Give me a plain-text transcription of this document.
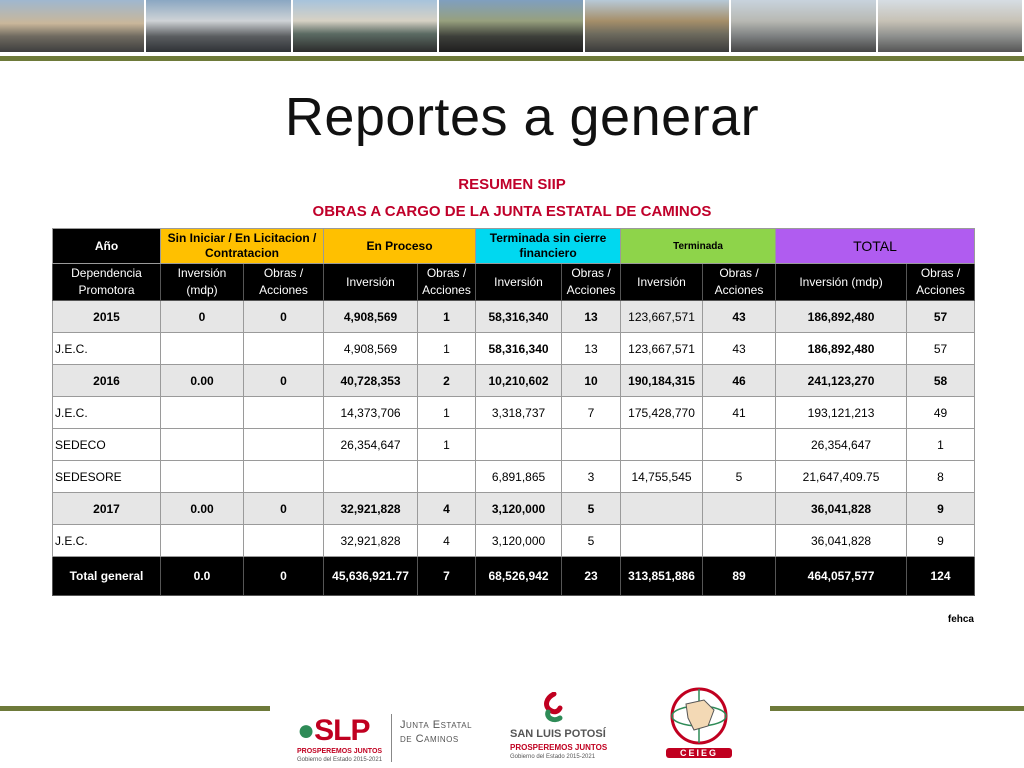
Reportes a generar
RESUMEN SIIP
OBRAS A CARGO DE LA JUNTA ESTATAL DE CAMINOS
Año	Sin Iniciar / En Licitacion / Contratacion		En Proceso		Terminada sin cierre financiero		Terminada		TOTAL	
Dependencia Promotora	Inversión (mdp)	Obras / Acciones	Inversión	Obras / Acciones	Inversión	Obras / Acciones	Inversión	Obras / Acciones	Inversión (mdp)	Obras / Acciones
2015	0	0	4,908,569	1	58,316,340	13	123,667,571	43	186,892,480	57
J.E.C.			4,908,569	1	58,316,340	13	123,667,571	43	186,892,480	57
2016	0.00	0	40,728,353	2	10,210,602	10	190,184,315	46	241,123,270	58
J.E.C.			14,373,706	1	3,318,737	7	175,428,770	41	193,121,213	49
SEDECO			26,354,647	1					26,354,647	1
SEDESORE					6,891,865	3	14,755,545	5	21,647,409.75	8
2017	0.00	0	32,921,828	4	3,120,000	5			36,041,828	9
J.E.C.			32,921,828	4	3,120,000	5			36,041,828	9
Total general	0.0	0	45,636,921.77	7	68,526,942	23	313,851,886	89	464,057,577	124
fehca
●SLP
PROSPEREMOS JUNTOS
Gobierno del Estado 2015-2021
Junta Estatal
de Caminos	SAN LUIS POTOSÍ
PROSPEREMOS JUNTOS
Gobierno del Estado 2015-2021	CEIEG
